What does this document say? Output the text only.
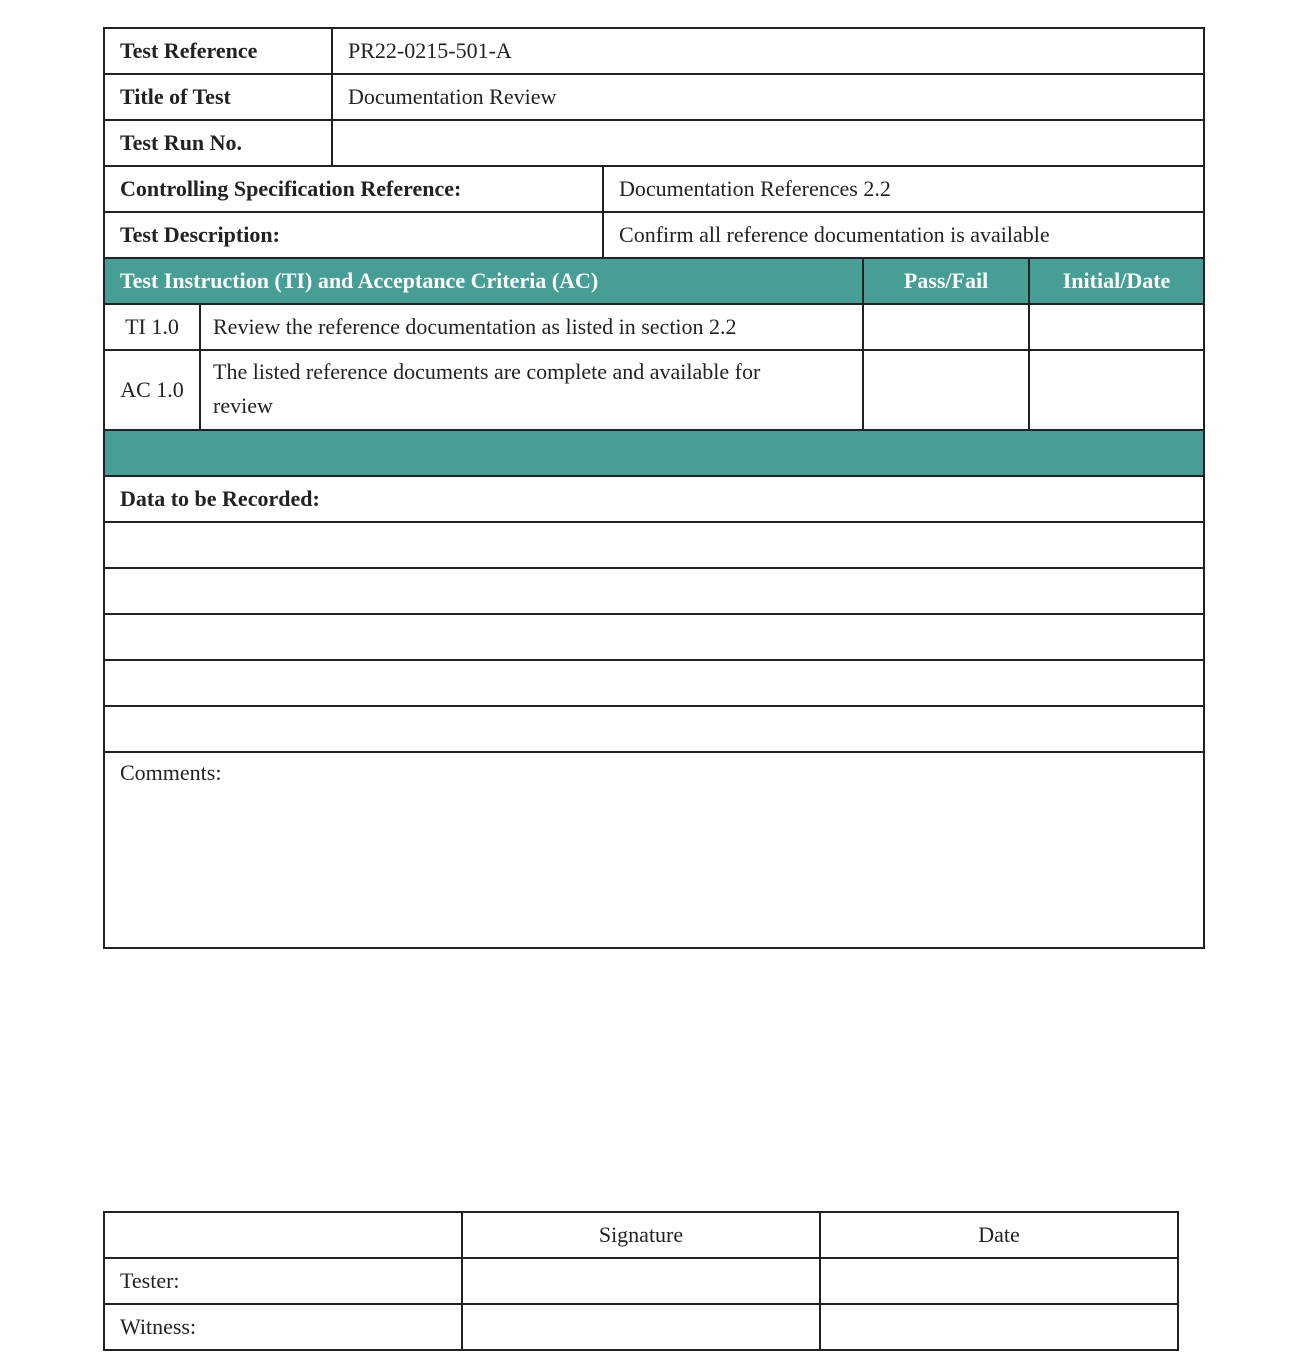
Test Reference		PR22-0215-501-A			
Title of Test		Documentation Review			
Test Run No.					
Controlling Specification Reference:			Documentation References 2.2		
Test Description:			Confirm all reference documentation is available		
Test Instruction (TI) and Acceptance Criteria (AC)				Pass/Fail	Initial/Date
TI 1.0	Review the reference documentation as listed in section 2.2				
AC 1.0	The listed reference documents are complete and available for review				

Data to be Recorded:					

Comments:					
	Signature	Date
Tester:		
Witness:		
